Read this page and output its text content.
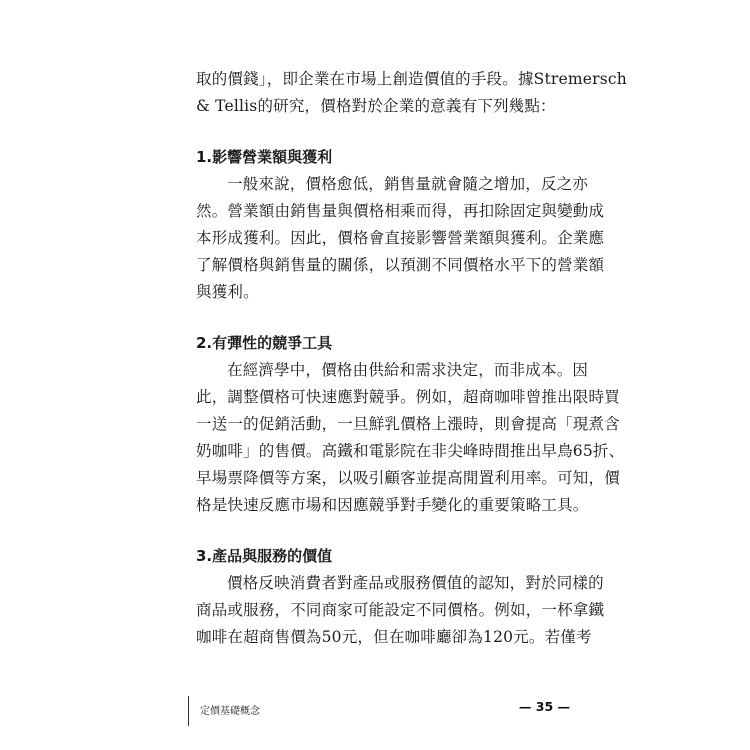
取的價錢」，即企業在市場上創造價值的手段。據Stremersch
& Tellis的研究，價格對於企業的意義有下列幾點：
1.影響營業額與獲利
一般來說，價格愈低，銷售量就會隨之增加，反之亦
然。營業額由銷售量與價格相乘而得，再扣除固定與變動成
本形成獲利。因此，價格會直接影響營業額與獲利。企業應
了解價格與銷售量的關係，以預測不同價格水平下的營業額
與獲利。
2.有彈性的競爭工具
在經濟學中，價格由供給和需求決定，而非成本。因
此，調整價格可快速應對競爭。例如，超商咖啡曾推出限時買
一送一的促銷活動，一旦鮮乳價格上漲時，則會提高「現煮含
奶咖啡」的售價。高鐵和電影院在非尖峰時間推出早鳥65折、
早場票降價等方案，以吸引顧客並提高閒置利用率。可知，價
格是快速反應市場和因應競爭對手變化的重要策略工具。
3.產品與服務的價值
價格反映消費者對產品或服務價值的認知，對於同樣的
商品或服務，不同商家可能設定不同價格。例如，一杯拿鐵
咖啡在超商售價為50元，但在咖啡廳卻為120元。若僅考
定價基礎概念	— 35 —
